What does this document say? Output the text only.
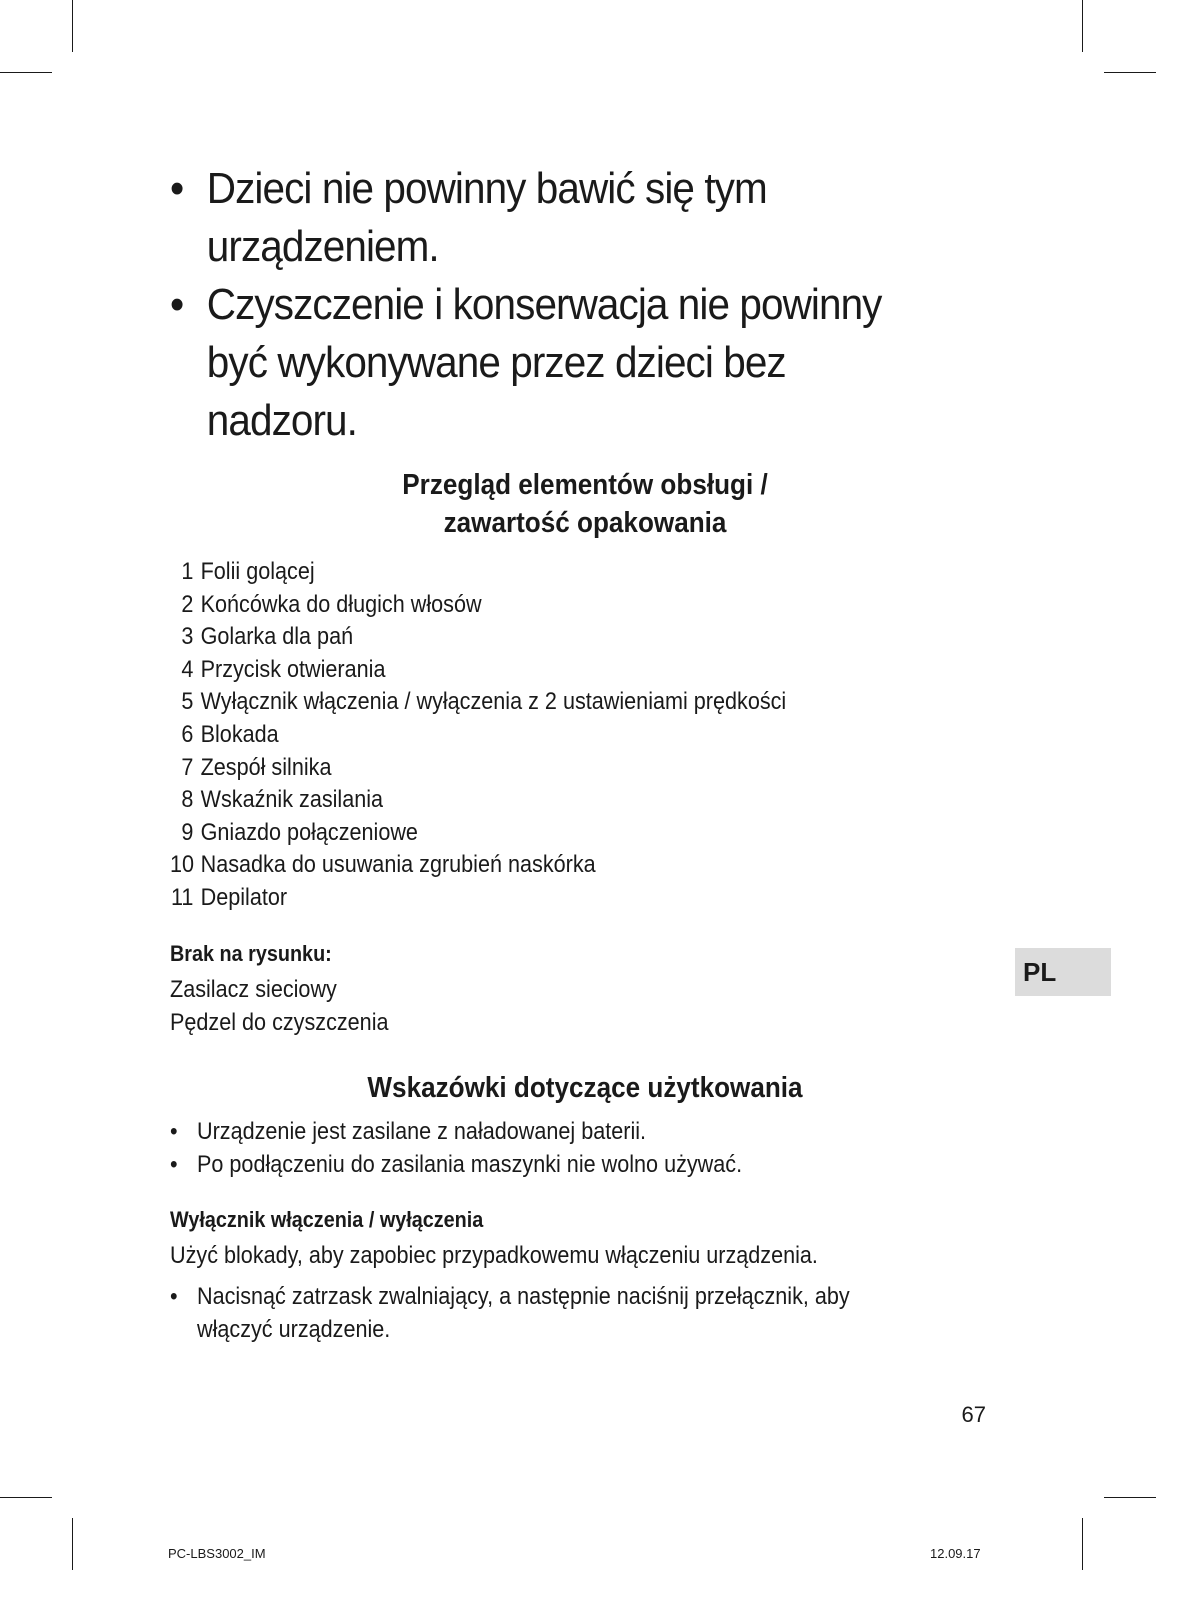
• Dzieci nie powinny bawić się tym urządzeniem.
• Czyszczenie i konserwacja nie powinny być wykonywane przez dzieci bez nadzoru.
Przegląd elementów obsługi /
zawartość opakowania
1 Folii golącej
2 Końcówka do długich włosów
3 Golarka dla pań
4 Przycisk otwierania
5 Wyłącznik włączenia / wyłączenia z 2 ustawieniami prędkości
6 Blokada
7 Zespół silnika
8 Wskaźnik zasilania
9 Gniazdo połączeniowe
10 Nasadka do usuwania zgrubień naskórka
11 Depilator
Brak na rysunku:
Zasilacz sieciowy
Pędzel do czyszczenia
Wskazówki dotyczące użytkowania
• Urządzenie jest zasilane z naładowanej baterii.
• Po podłączeniu do zasilania maszynki nie wolno używać.
Wyłącznik włączenia / wyłączenia
Użyć blokady, aby zapobiec przypadkowemu włączeniu urządzenia.
• Nacisnąć zatrzask zwalniający, a następnie naciśnij przełącznik, aby włączyć urządzenie.
PL
67
PC-LBS3002_IM	12.09.17
